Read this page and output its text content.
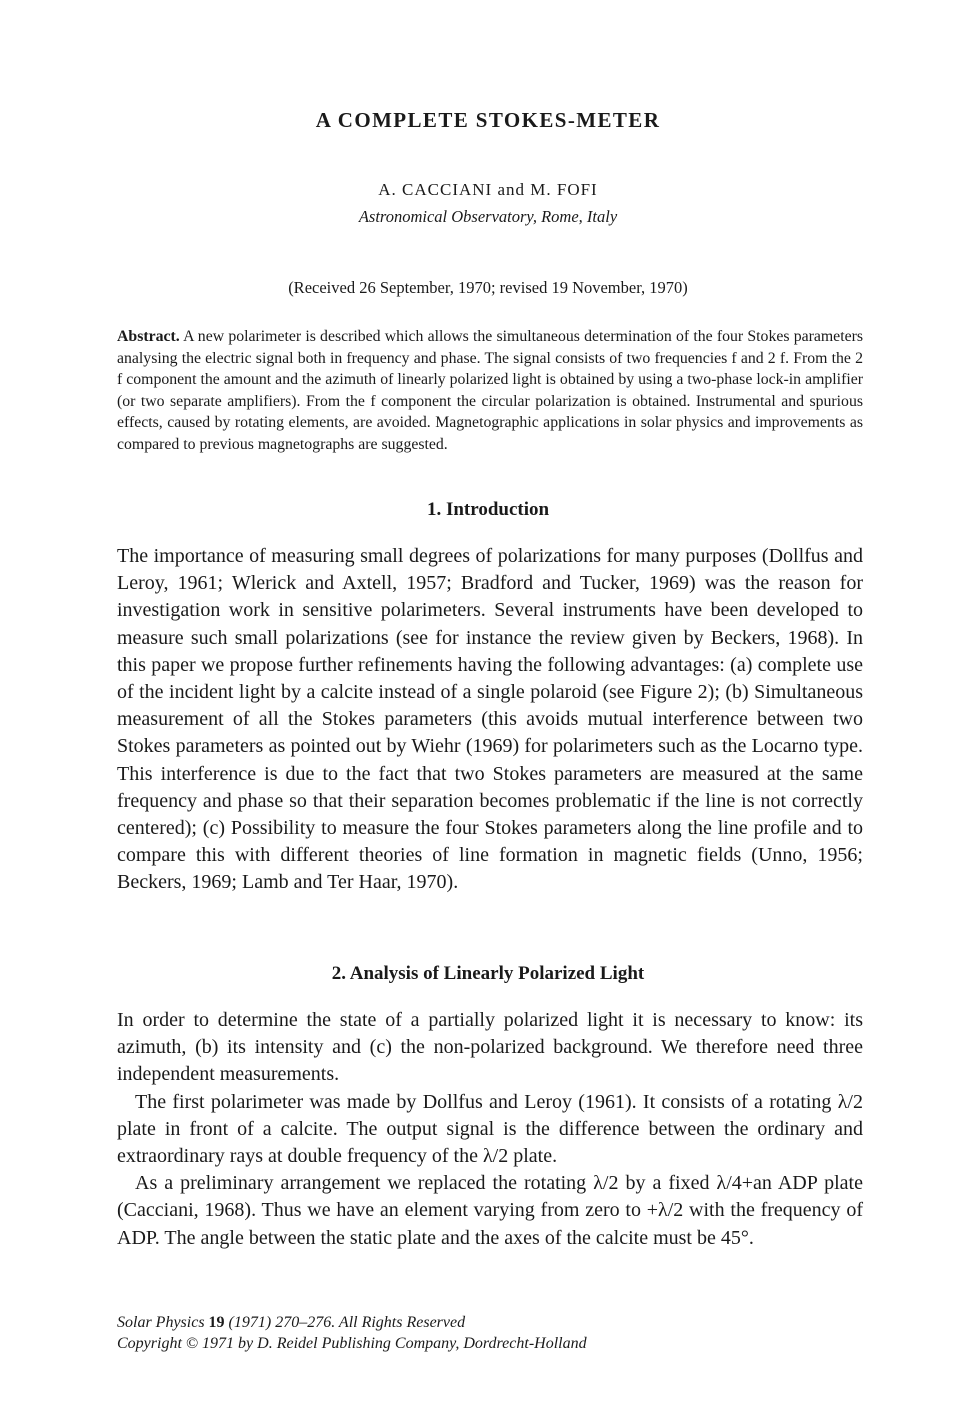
A COMPLETE STOKES-METER
A. CACCIANI and M. FOFI
Astronomical Observatory, Rome, Italy
(Received 26 September, 1970; revised 19 November, 1970)
Abstract. A new polarimeter is described which allows the simultaneous determination of the four Stokes parameters analysing the electric signal both in frequency and phase. The signal consists of two frequencies f and 2 f. From the 2 f component the amount and the azimuth of linearly polarized light is obtained by using a two-phase lock-in amplifier (or two separate amplifiers). From the f component the circular polarization is obtained. Instrumental and spurious effects, caused by rotating elements, are avoided. Magnetographic applications in solar physics and improvements as compared to previous magnetographs are suggested.
1. Introduction
The importance of measuring small degrees of polarizations for many purposes (Dollfus and Leroy, 1961; Wlerick and Axtell, 1957; Bradford and Tucker, 1969) was the reason for investigation work in sensitive polarimeters. Several instruments have been developed to measure such small polarizations (see for instance the review given by Beckers, 1968). In this paper we propose further refinements having the following advantages: (a) complete use of the incident light by a calcite instead of a single polaroid (see Figure 2); (b) Simultaneous measurement of all the Stokes parameters (this avoids mutual interference between two Stokes parameters as pointed out by Wiehr (1969) for polarimeters such as the Locarno type. This interference is due to the fact that two Stokes parameters are measured at the same frequency and phase so that their separation becomes problematic if the line is not correctly centered); (c) Possibility to measure the four Stokes parameters along the line profile and to compare this with different theories of line formation in magnetic fields (Unno, 1956; Beckers, 1969; Lamb and Ter Haar, 1970).
2. Analysis of Linearly Polarized Light

In order to determine the state of a partially polarized light it is necessary to know: its azimuth, (b) its intensity and (c) the non-polarized background. We therefore need three independent measurements.

The first polarimeter was made by Dollfus and Leroy (1961). It consists of a rotating λ/2 plate in front of a calcite. The output signal is the difference between the ordinary and extraordinary rays at double frequency of the λ/2 plate.

As a preliminary arrangement we replaced the rotating λ/2 by a fixed λ/4+an ADP plate (Cacciani, 1968). Thus we have an element varying from zero to +λ/2 with the frequency of ADP. The angle between the static plate and the axes of the calcite must be 45°.

Solar Physics 19 (1971) 270–276. All Rights Reserved
Copyright © 1971 by D. Reidel Publishing Company, Dordrecht-Holland
